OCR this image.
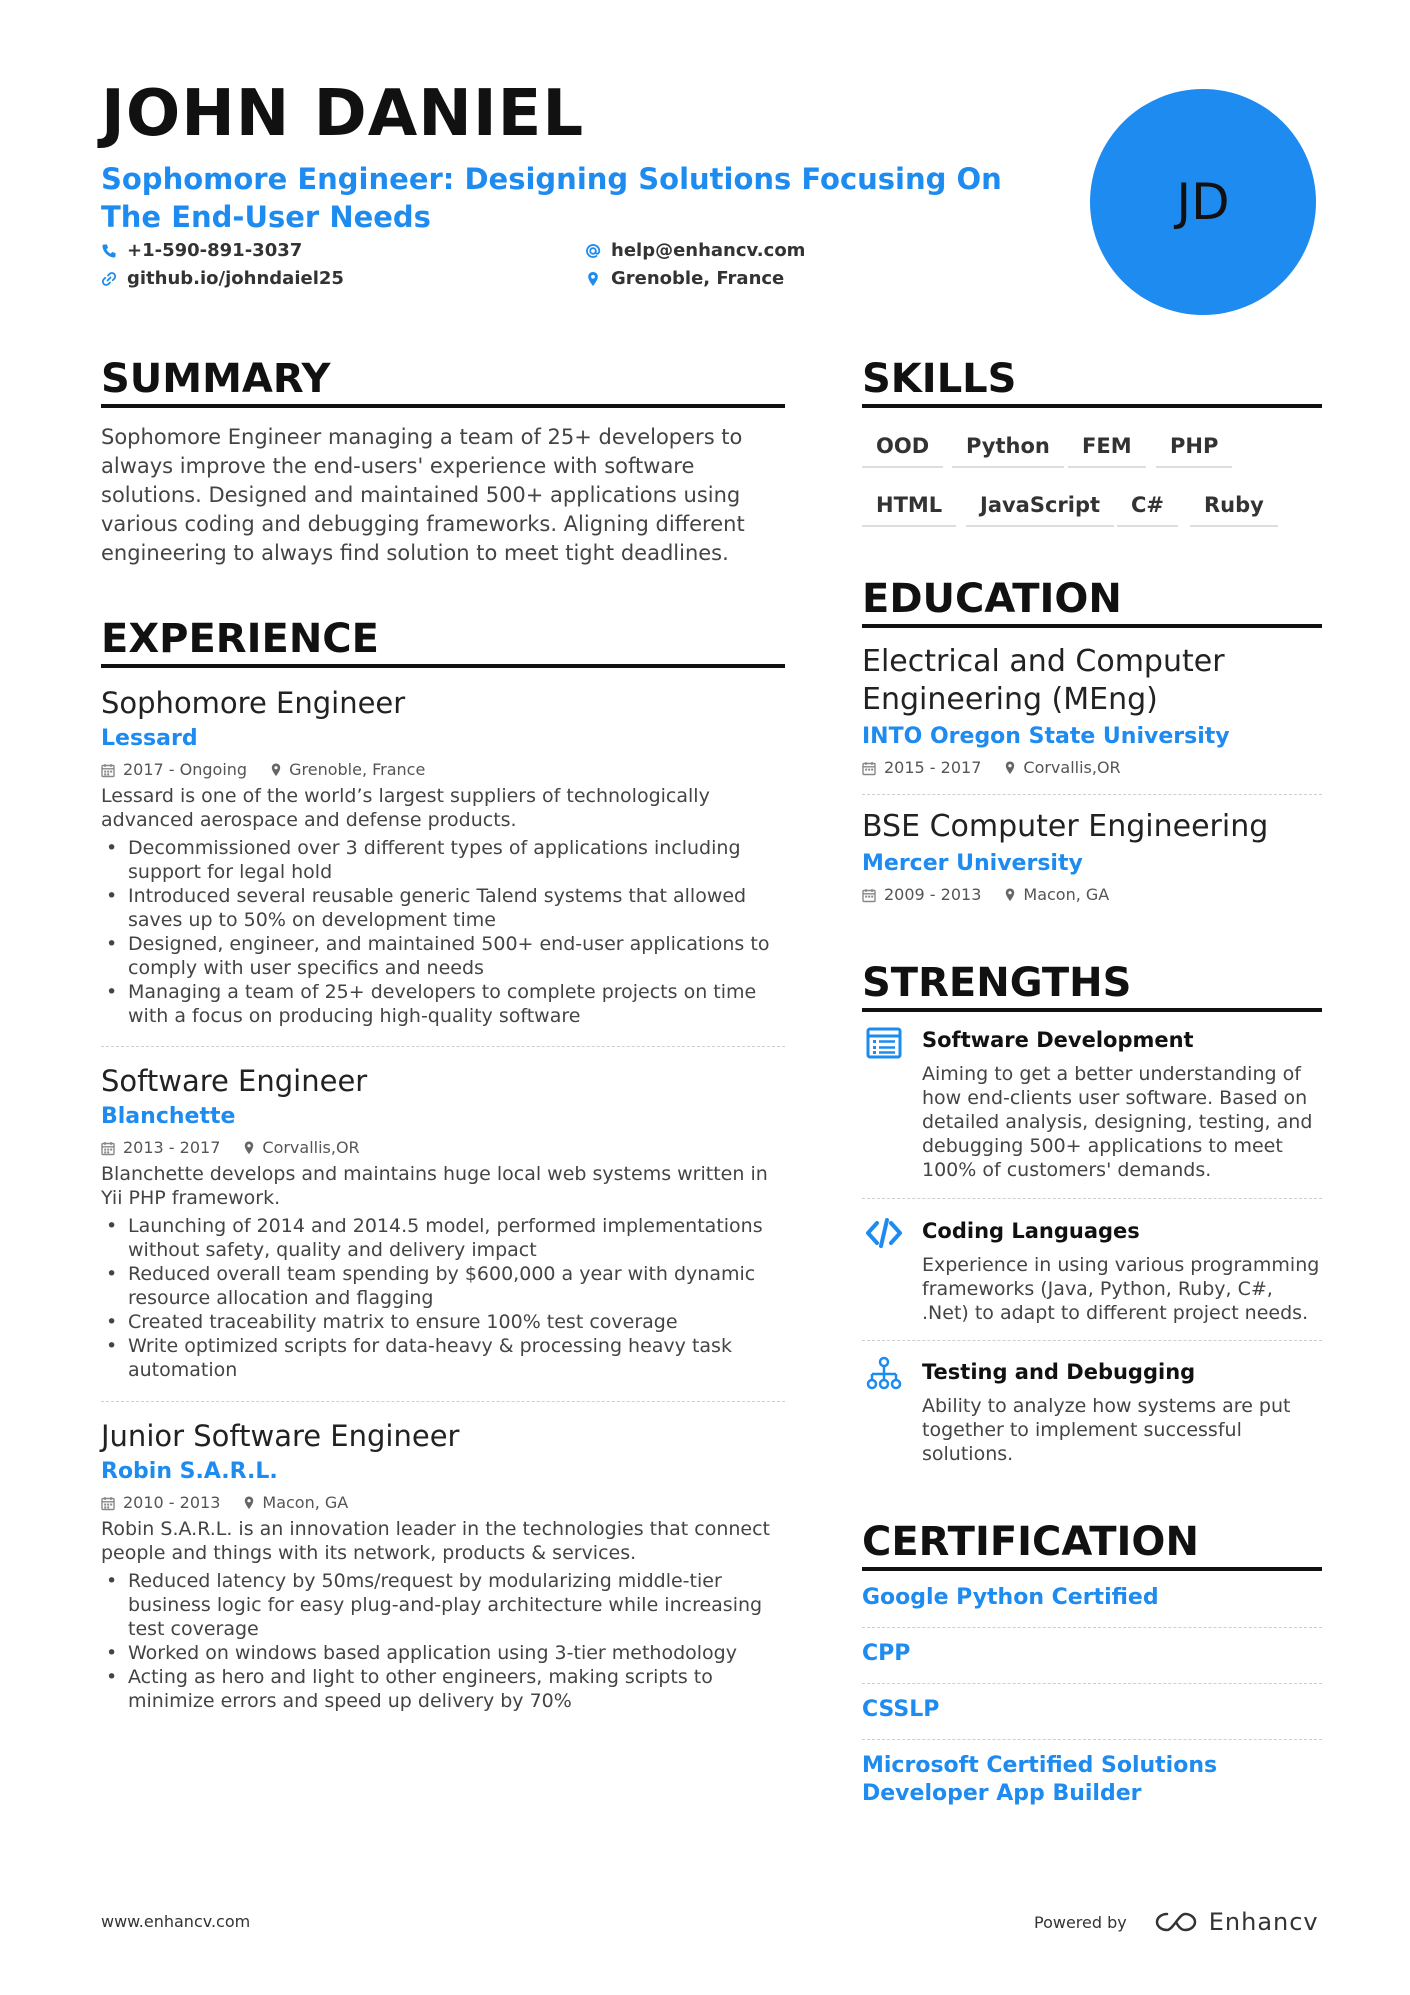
JOHN DANIEL
Sophomore Engineer: Designing Solutions Focusing On The End-User Needs
+1-590-891-3037
github.io/johndaiel25
help@enhancv.com
Grenoble, France
JD
SUMMARY
Sophomore Engineer managing a team of 25+ developers to always improve the end-users' experience with software solutions. Designed and maintained 500+ applications using various coding and debugging frameworks. Aligning different engineering to always find solution to meet tight deadlines.
EXPERIENCE
Sophomore Engineer
Lessard
2017 - Ongoing	Grenoble, France
Lessard is one of the world’s largest suppliers of technologically advanced aerospace and defense products.
• Decommissioned over 3 different types of applications including support for legal hold
• Introduced several reusable generic Talend systems that allowed saves up to 50% on development time
• Designed, engineer, and maintained 500+ end-user applications to comply with user specifics and needs
• Managing a team of 25+ developers to complete projects on time with a focus on producing high-quality software
Software Engineer
Blanchette
2013 - 2017	Corvallis,OR
Blanchette develops and maintains huge local web systems written in Yii PHP framework.
• Launching of 2014 and 2014.5 model, performed implementations without safety, quality and delivery impact
• Reduced overall team spending by $600,000 a year with dynamic resource allocation and flagging
• Created traceability matrix to ensure 100% test coverage
• Write optimized scripts for data-heavy & processing heavy task automation
Junior Software Engineer
Robin S.A.R.L.
2010 - 2013	Macon, GA
Robin S.A.R.L. is an innovation leader in the technologies that connect people and things with its network, products & services.
• Reduced latency by 50ms/request by modularizing middle-tier business logic for easy plug-and-play architecture while increasing test coverage
• Worked on windows based application using 3-tier methodology
• Acting as hero and light to other engineers, making scripts to minimize errors and speed up delivery by 70%
SKILLS
OOD	Python	FEM	PHP
HTML	JavaScript	C#	Ruby
EDUCATION
Electrical and Computer Engineering (MEng)
INTO Oregon State University
2015 - 2017	Corvallis,OR
BSE Computer Engineering
Mercer University
2009 - 2013	Macon, GA
STRENGTHS
Software Development
Aiming to get a better understanding of how end-clients user software. Based on detailed analysis, designing, testing, and debugging 500+ applications to meet 100% of customers' demands.
Coding Languages
Experience in using various programming frameworks (Java, Python, Ruby, C#, .Net) to adapt to different project needs.
Testing and Debugging
Ability to analyze how systems are put together to implement successful solutions.
CERTIFICATION
Google Python Certified
CPP
CSSLP
Microsoft Certified Solutions Developer App Builder
www.enhancv.com	Powered by	Enhancv
